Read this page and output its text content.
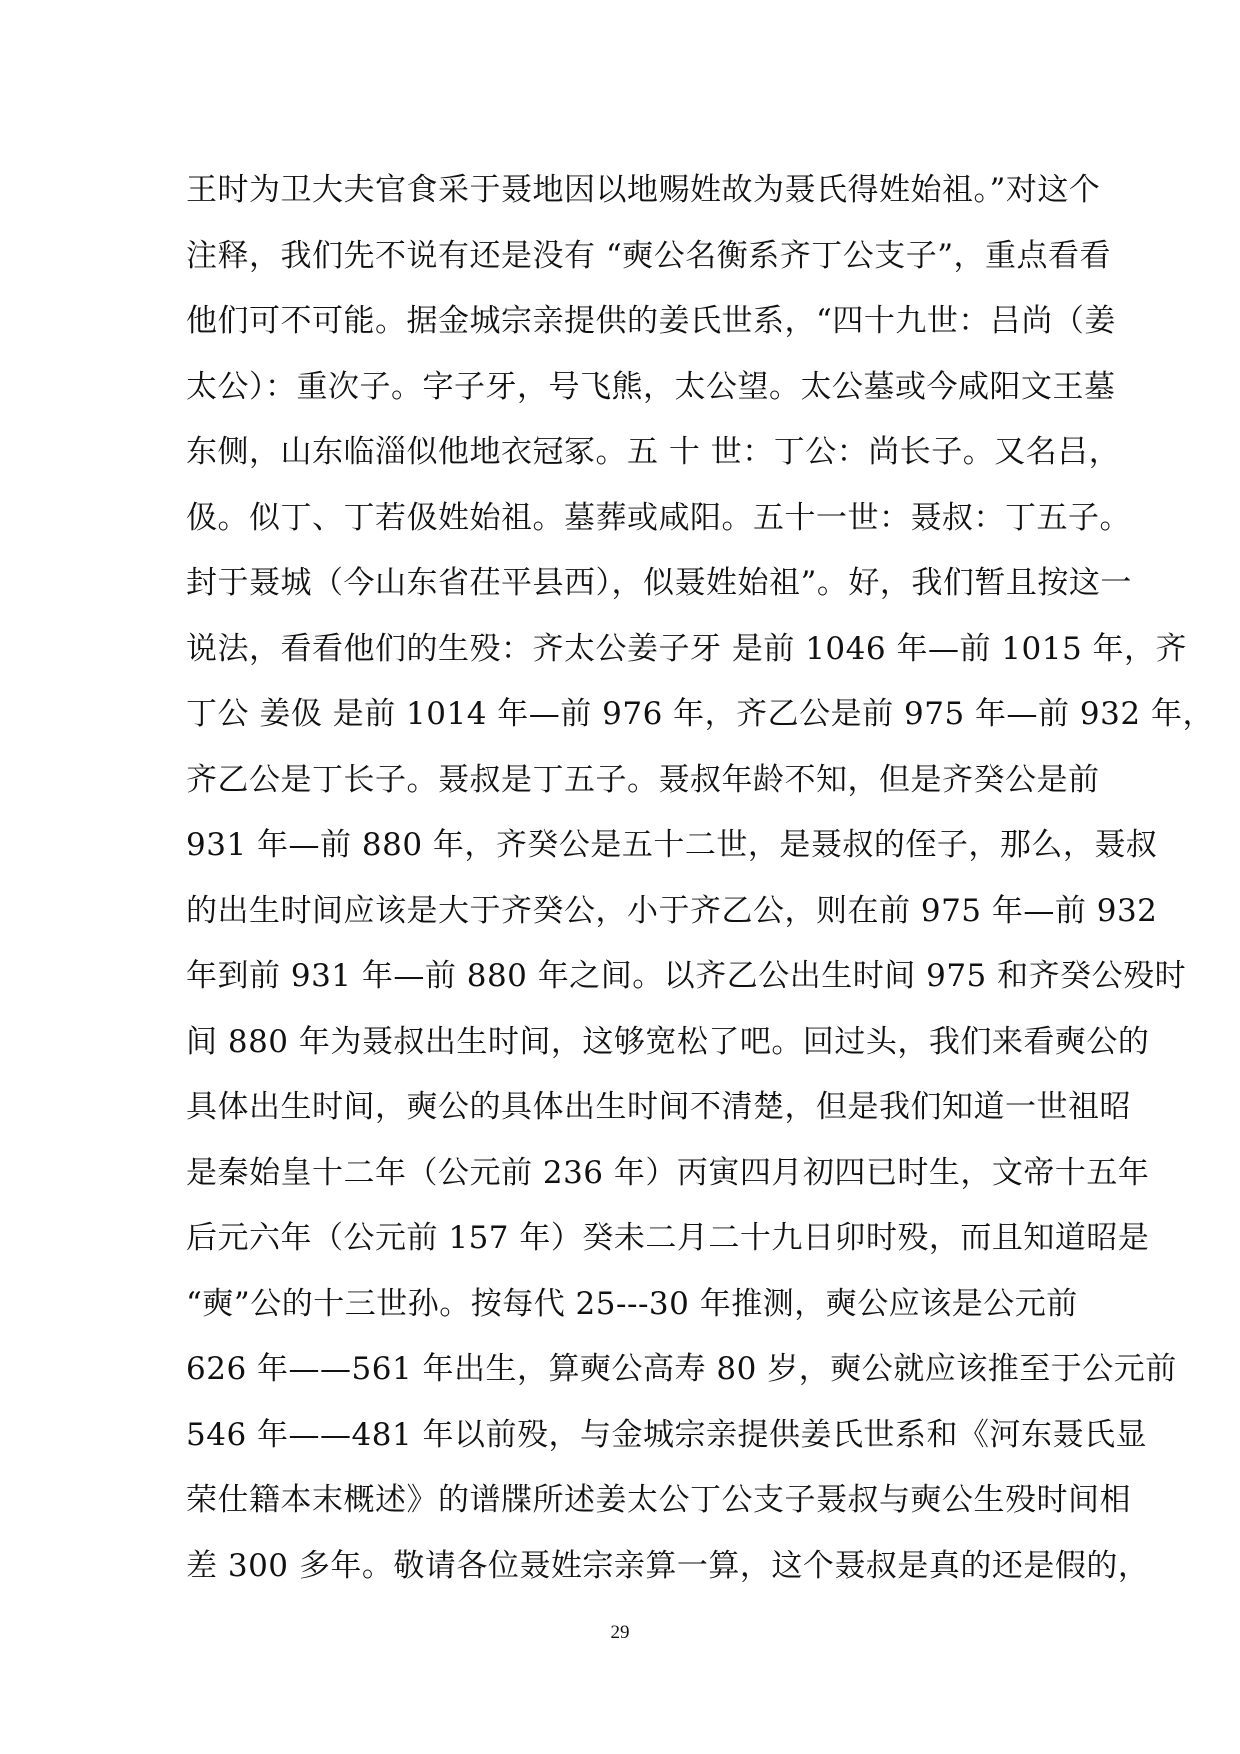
王时为卫大夫官食采于聂地因以地赐姓故为聂氏得姓始祖。”对这个
注释，我们先不说有还是没有 “奭公名衡系齐丁公支子”，重点看看
他们可不可能。据金城宗亲提供的姜氏世系，“四十九世：吕尚（姜
太公）：重次子。字子牙，号飞熊，太公望。太公墓或今咸阳文王墓
东侧，山东临淄似他地衣冠冢。五 十 世：丁公：尚长子。又名吕，
伋。似丁、丁若伋姓始祖。墓葬或咸阳。五十一世：聂叔：丁五子。
封于聂城（今山东省茌平县西），似聂姓始祖”。好，我们暂且按这一
说法，看看他们的生殁：齐太公姜子牙 是前 1046 年—前 1015 年，齐
丁公 姜伋 是前 1014 年—前 976 年，齐乙公是前 975 年—前 932 年，
齐乙公是丁长子。聂叔是丁五子。聂叔年龄不知，但是齐癸公是前
931 年—前 880 年，齐癸公是五十二世，是聂叔的侄子，那么，聂叔
的出生时间应该是大于齐癸公，小于齐乙公，则在前 975 年—前 932
年到前 931 年—前 880 年之间。以齐乙公出生时间 975 和齐癸公殁时
间 880 年为聂叔出生时间，这够宽松了吧。回过头，我们来看奭公的
具体出生时间，奭公的具体出生时间不清楚，但是我们知道一世祖昭
是秦始皇十二年（公元前 236 年）丙寅四月初四已时生，文帝十五年
后元六年（公元前 157 年）癸未二月二十九日卯时殁，而且知道昭是
“奭”公的十三世孙。按每代 25---30 年推测，奭公应该是公元前
626 年——561 年出生，算奭公高寿 80 岁，奭公就应该推至于公元前
546 年——481 年以前殁，与金城宗亲提供姜氏世系和《河东聂氏显
荣仕籍本末概述》的谱牒所述姜太公丁公支子聂叔与奭公生殁时间相
差 300 多年。敬请各位聂姓宗亲算一算，这个聂叔是真的还是假的，
29
